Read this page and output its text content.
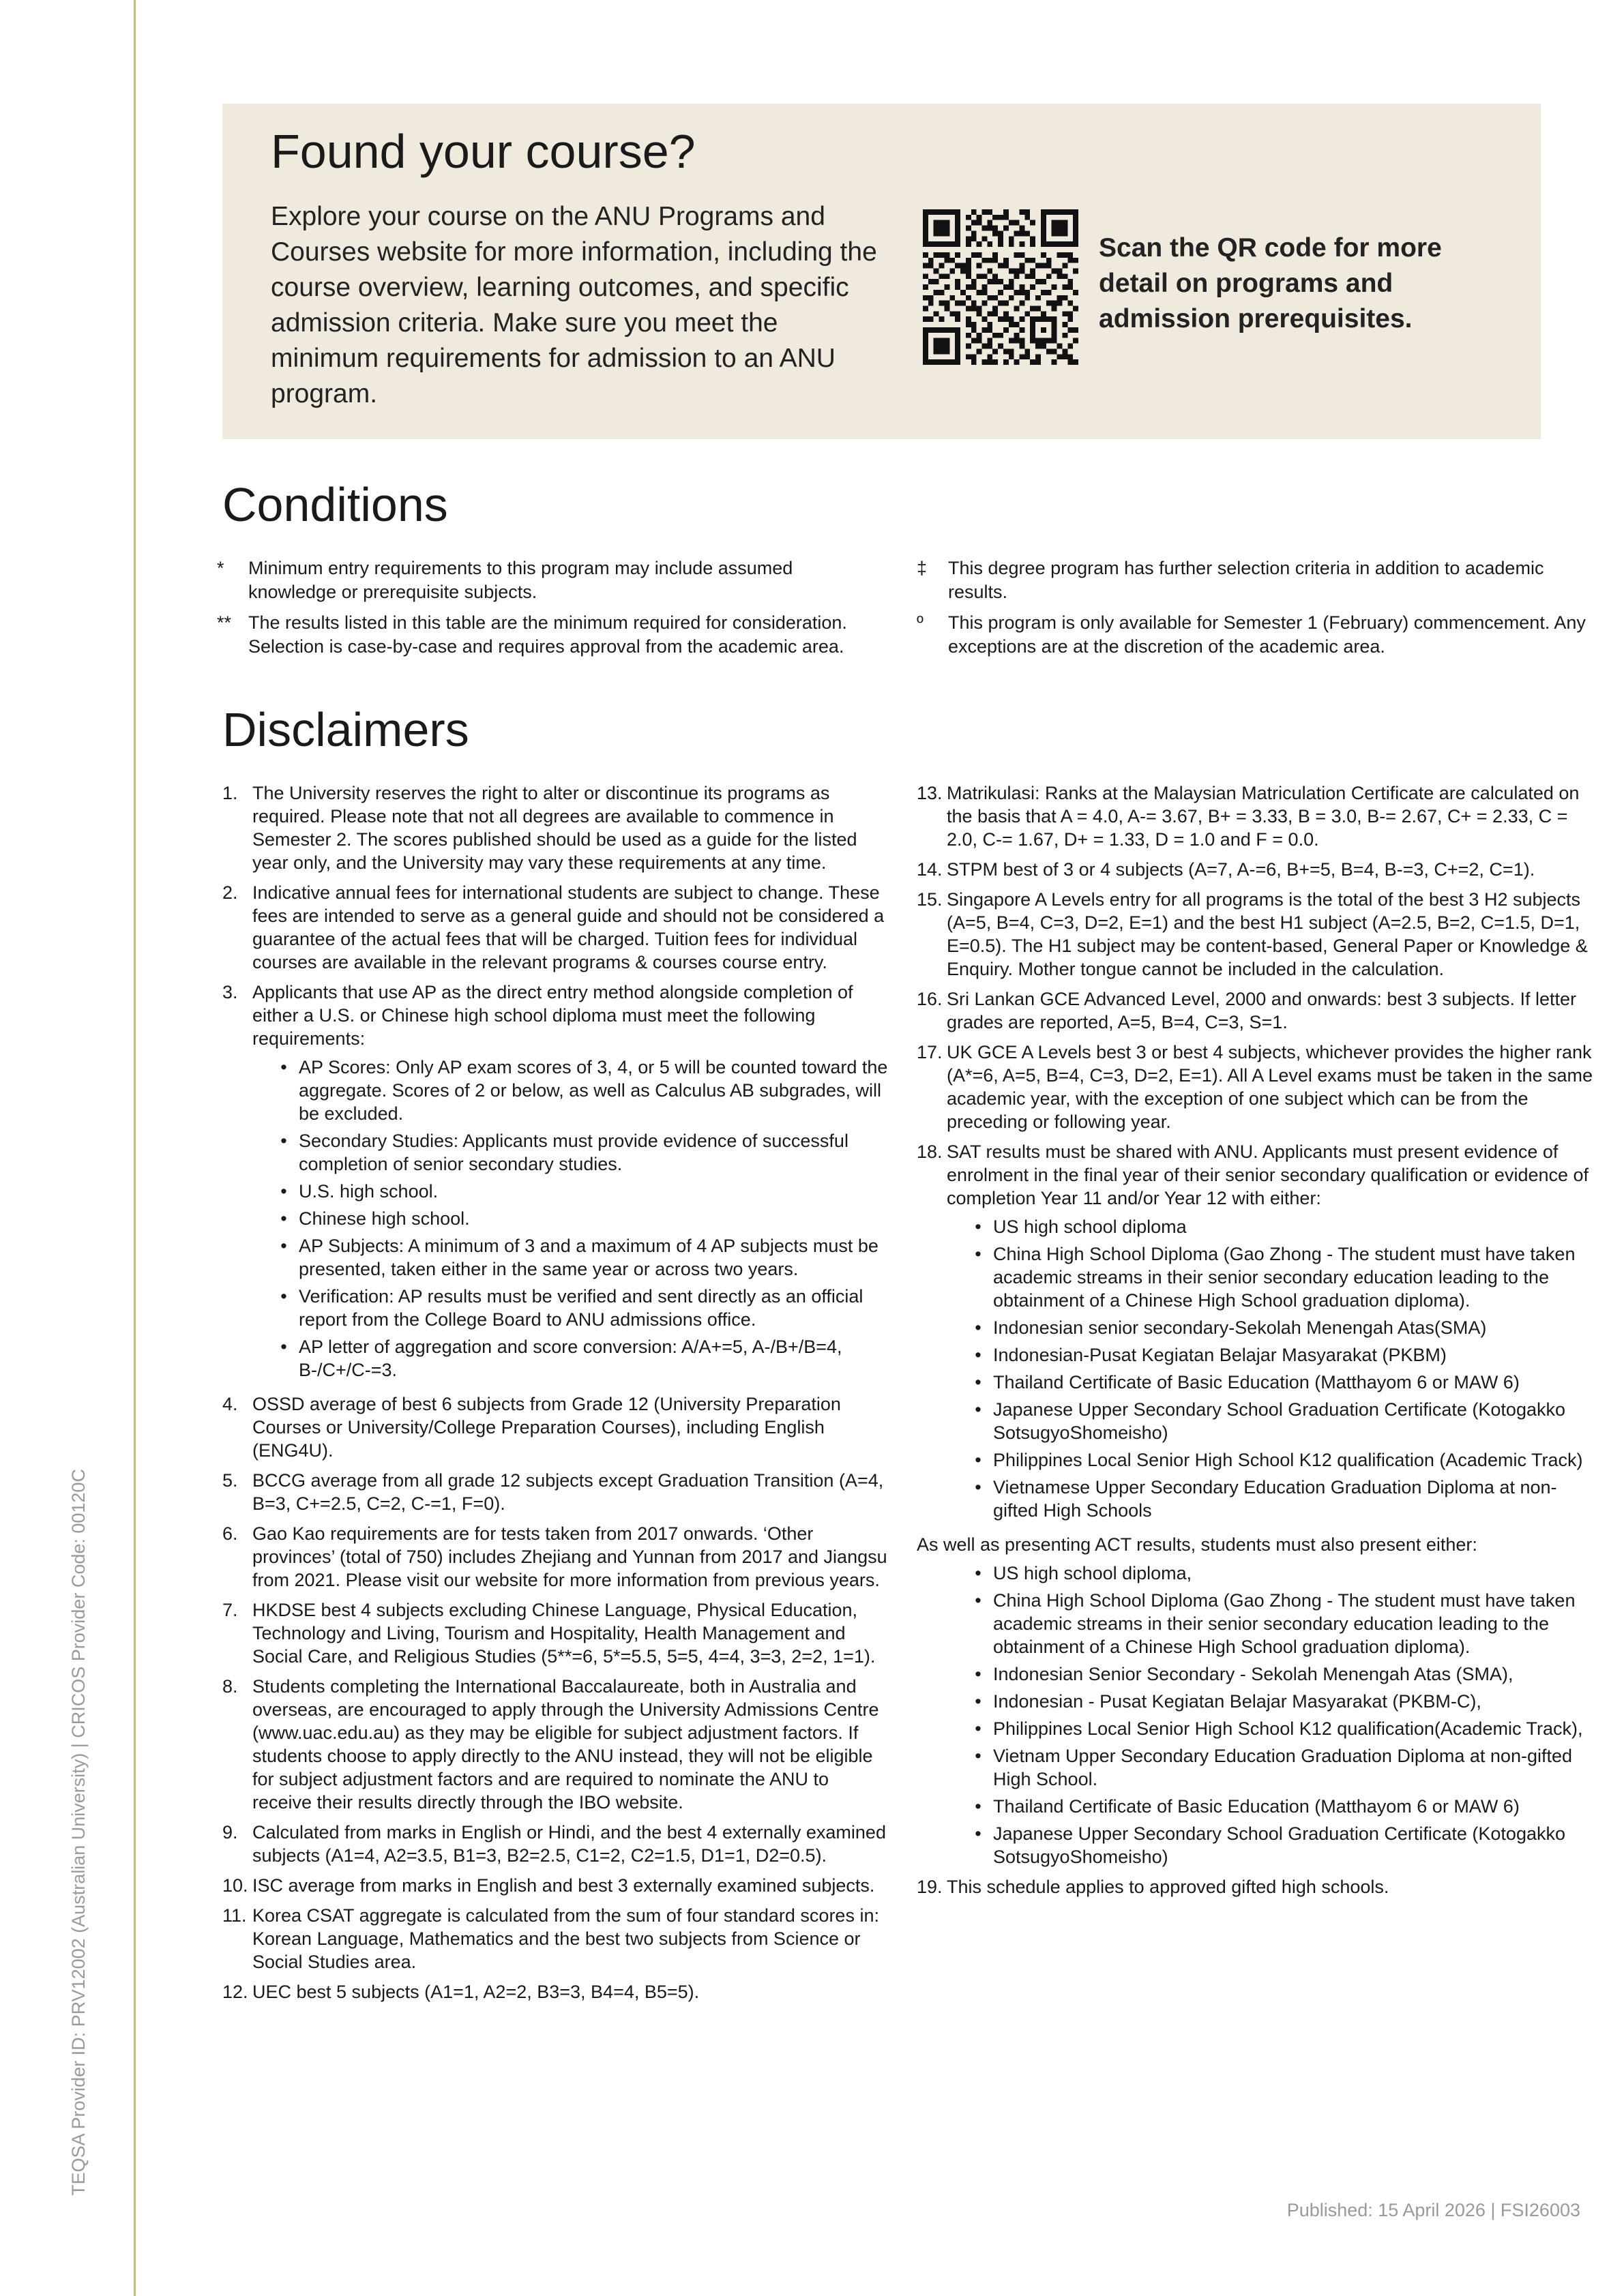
TEQSA Provider ID: PRV12002 (Australian University) | CRICOS Provider Code: 00120C
Found your course?
Explore your course on the ANU Programs and Courses website for more information, including the course overview, learning outcomes, and specific admission criteria. Make sure you meet the minimum requirements for admission to an ANU program.
Scan the QR code for more detail on programs and admission prerequisites.
Conditions
*	Minimum entry requirements to this program may include assumed knowledge or prerequisite subjects.
** The results listed in this table are the minimum required for consideration. Selection is case-by-case and requires approval from the academic area.
‡	This degree program has further selection criteria in addition to academic results.
º	This program is only available for Semester 1 (February) commencement. Any exceptions are at the discretion of the academic area.
Disclaimers
1. The University reserves the right to alter or discontinue its programs as required. Please note that not all degrees are available to commence in Semester 2. The scores published should be used as a guide for the listed year only, and the University may vary these requirements at any time.
2. Indicative annual fees for international students are subject to change. These fees are intended to serve as a general guide and should not be considered a guarantee of the actual fees that will be charged. Tuition fees for individual courses are available in the relevant programs & courses course entry.
3. Applicants that use AP as the direct entry method alongside completion of either a U.S. or Chinese high school diploma must meet the following requirements:
• AP Scores: Only AP exam scores of 3, 4, or 5 will be counted toward the aggregate. Scores of 2 or below, as well as Calculus AB subgrades, will be excluded.
• Secondary Studies: Applicants must provide evidence of successful completion of senior secondary studies.
• U.S. high school.
• Chinese high school.
• AP Subjects: A minimum of 3 and a maximum of 4 AP subjects must be presented, taken either in the same year or across two years.
• Verification: AP results must be verified and sent directly as an official report from the College Board to ANU admissions office.
• AP letter of aggregation and score conversion: A/A+=5, A-/B+/B=4, B-/C+/C-=3.
4. OSSD average of best 6 subjects from Grade 12 (University Preparation Courses or University/College Preparation Courses), including English (ENG4U).
5. BCCG average from all grade 12 subjects except Graduation Transition (A=4, B=3, C+=2.5, C=2, C-=1, F=0).
6. Gao Kao requirements are for tests taken from 2017 onwards. ‘Other provinces’ (total of 750) includes Zhejiang and Yunnan from 2017 and Jiangsu from 2021. Please visit our website for more information from previous years.
7. HKDSE best 4 subjects excluding Chinese Language, Physical Education, Technology and Living, Tourism and Hospitality, Health Management and Social Care, and Religious Studies (5**=6, 5*=5.5, 5=5, 4=4, 3=3, 2=2, 1=1).
8. Students completing the International Baccalaureate, both in Australia and overseas, are encouraged to apply through the University Admissions Centre (www.uac.edu.au) as they may be eligible for subject adjustment factors. If students choose to apply directly to the ANU instead, they will not be eligible for subject adjustment factors and are required to nominate the ANU to receive their results directly through the IBO website.
9. Calculated from marks in English or Hindi, and the best 4 externally examined subjects (A1=4, A2=3.5, B1=3, B2=2.5, C1=2, C2=1.5, D1=1, D2=0.5).
10. ISC average from marks in English and best 3 externally examined subjects.
11. Korea CSAT aggregate is calculated from the sum of four standard scores in: Korean Language, Mathematics and the best two subjects from Science or Social Studies area.
12. UEC best 5 subjects (A1=1, A2=2, B3=3, B4=4, B5=5).
13. Matrikulasi: Ranks at the Malaysian Matriculation Certificate are calculated on the basis that A = 4.0, A-= 3.67, B+ = 3.33, B = 3.0, B-= 2.67, C+ = 2.33, C = 2.0, C-= 1.67, D+ = 1.33, D = 1.0 and F = 0.0.
14. STPM best of 3 or 4 subjects (A=7, A-=6, B+=5, B=4, B-=3, C+=2, C=1).
15. Singapore A Levels entry for all programs is the total of the best 3 H2 subjects (A=5, B=4, C=3, D=2, E=1) and the best H1 subject (A=2.5, B=2, C=1.5, D=1, E=0.5). The H1 subject may be content-based, General Paper or Knowledge & Enquiry. Mother tongue cannot be included in the calculation.
16. Sri Lankan GCE Advanced Level, 2000 and onwards: best 3 subjects. If letter grades are reported, A=5, B=4, C=3, S=1.
17. UK GCE A Levels best 3 or best 4 subjects, whichever provides the higher rank (A*=6, A=5, B=4, C=3, D=2, E=1). All A Level exams must be taken in the same academic year, with the exception of one subject which can be from the preceding or following year.
18. SAT results must be shared with ANU. Applicants must present evidence of enrolment in the final year of their senior secondary qualification or evidence of completion Year 11 and/or Year 12 with either:
• US high school diploma
• China High School Diploma (Gao Zhong - The student must have taken academic streams in their senior secondary education leading to the obtainment of a Chinese High School graduation diploma).
• Indonesian senior secondary-Sekolah Menengah Atas(SMA)
• Indonesian-Pusat Kegiatan Belajar Masyarakat (PKBM)
• Thailand Certificate of Basic Education (Matthayom 6 or MAW 6)
• Japanese Upper Secondary School Graduation Certificate (Kotogakko SotsugyoShomeisho)
• Philippines Local Senior High School K12 qualification (Academic Track)
• Vietnamese Upper Secondary Education Graduation Diploma at non-gifted High Schools
As well as presenting ACT results, students must also present either:
• US high school diploma,
• China High School Diploma (Gao Zhong - The student must have taken academic streams in their senior secondary education leading to the obtainment of a Chinese High School graduation diploma).
• Indonesian Senior Secondary - Sekolah Menengah Atas (SMA),
• Indonesian - Pusat Kegiatan Belajar Masyarakat (PKBM-C),
• Philippines Local Senior High School K12 qualification(Academic Track),
• Vietnam Upper Secondary Education Graduation Diploma at non-gifted High School.
• Thailand Certificate of Basic Education (Matthayom 6 or MAW 6)
• Japanese Upper Secondary School Graduation Certificate (Kotogakko SotsugyoShomeisho)
19. This schedule applies to approved gifted high schools.
Published: 15 April 2026 | FSI26003
